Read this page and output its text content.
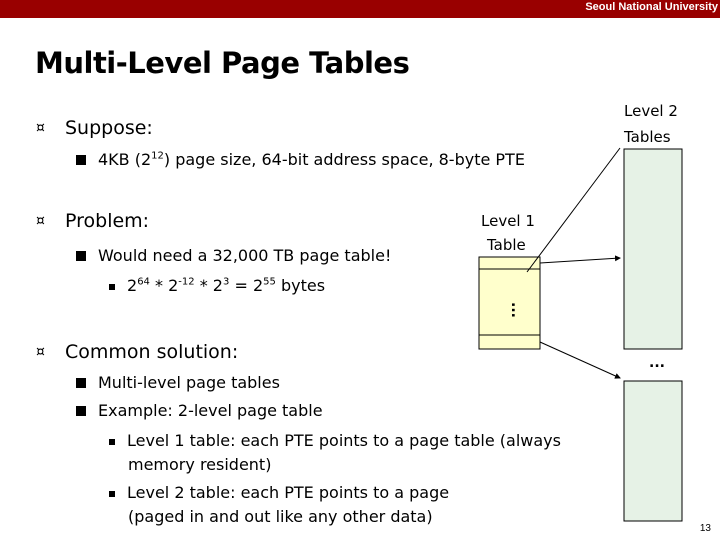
Seoul National University
Multi-Level Page Tables
¤ Suppose:
4KB $(2^{12})$ page size, 64-bit address space, 8-byte PTE
¤ Problem:
Would need a 32,000 TB page table!
$2^{64} * 2^{-12} * 2^3 = 2^{55}$ bytes
¤ Common solution:
Multi-level page tables
Example: 2-level page table
Level 1 table: each PTE points to a page table (always
memory resident)
Level 2 table: each PTE points to a page
(paged in and out like any other data)
Level 2
Tables
Level 1
Table
...
...
13
